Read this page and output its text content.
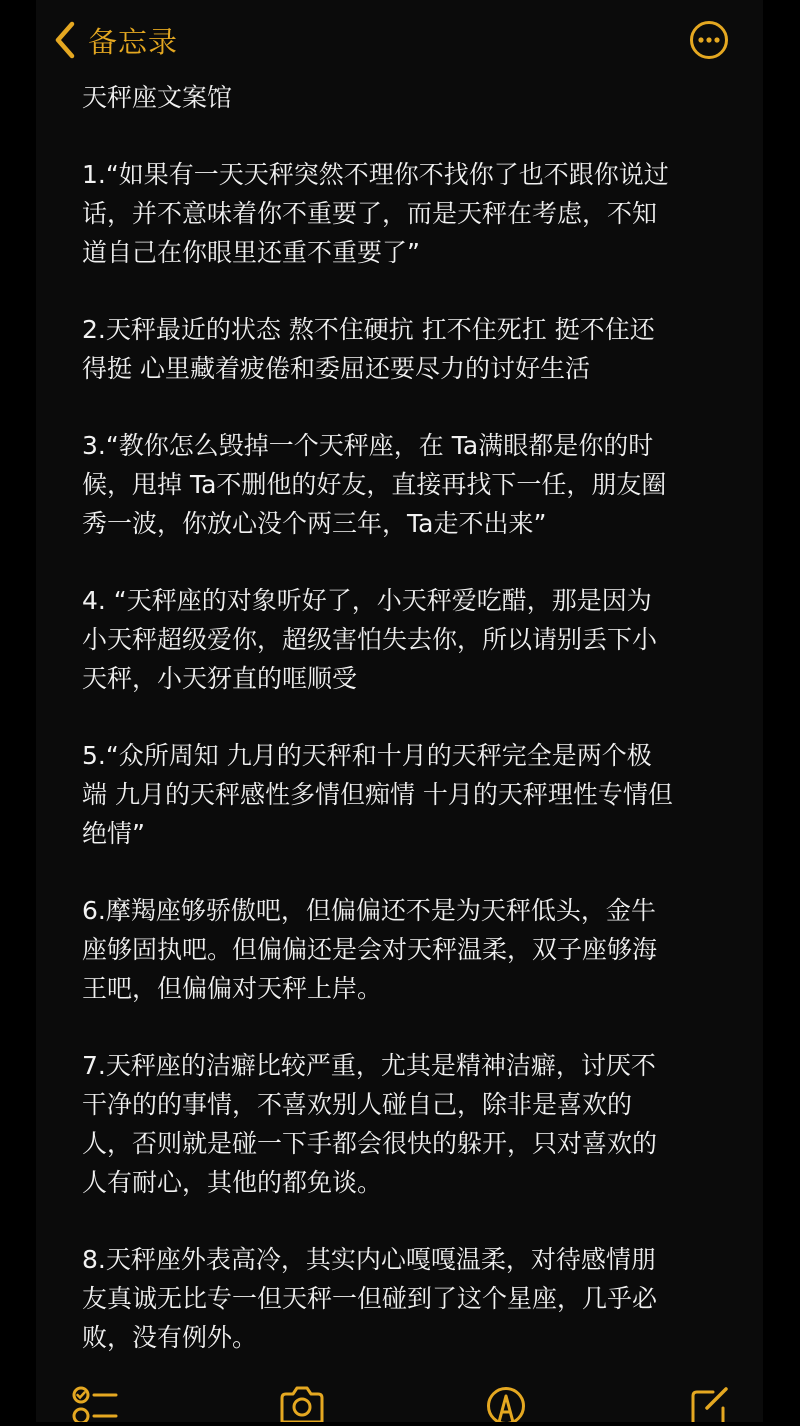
备忘录
天秤座文案馆
1.“如果有一天天秤突然不理你不找你了也不跟你说过
话，并不意味着你不重要了，而是天秤在考虑，不知
道自己在你眼里还重不重要了”
2.天秤最近的状态 熬不住硬抗 扛不住死扛 挺不住还
得挺 心里藏着疲倦和委屈还要尽力的讨好生活
3.“教你怎么毁掉一个天秤座，在 Ta满眼都是你的时
候，甩掉 Ta不删他的好友，直接再找下一任，朋友圈
秀一波，你放心没个两三年，Ta走不出来”
4. “天秤座的对象听好了，小天秤爱吃醋，那是因为
小天秤超级爱你，超级害怕失去你，所以请别丢下小
天秤，小天犽直的哐顺受
5.“众所周知 九月的天秤和十月的天秤完全是两个极
端 九月的天秤感性多情但痴情 十月的天秤理性专情但
绝情”
6.摩羯座够骄傲吧，但偏偏还不是为天秤低头，金牛
座够固执吧。但偏偏还是会对天秤温柔，双子座够海
王吧，但偏偏对天秤上岸。
7.天秤座的洁癖比较严重，尤其是精神洁癖，讨厌不
干净的的事情，不喜欢别人碰自己，除非是喜欢的
人，否则就是碰一下手都会很快的躲开，只对喜欢的
人有耐心，其他的都免谈。
8.天秤座外表高冷，其实内心嘎嘎温柔，对待感情朋
友真诚无比专一但天秤一但碰到了这个星座，几乎必
败，没有例外。
